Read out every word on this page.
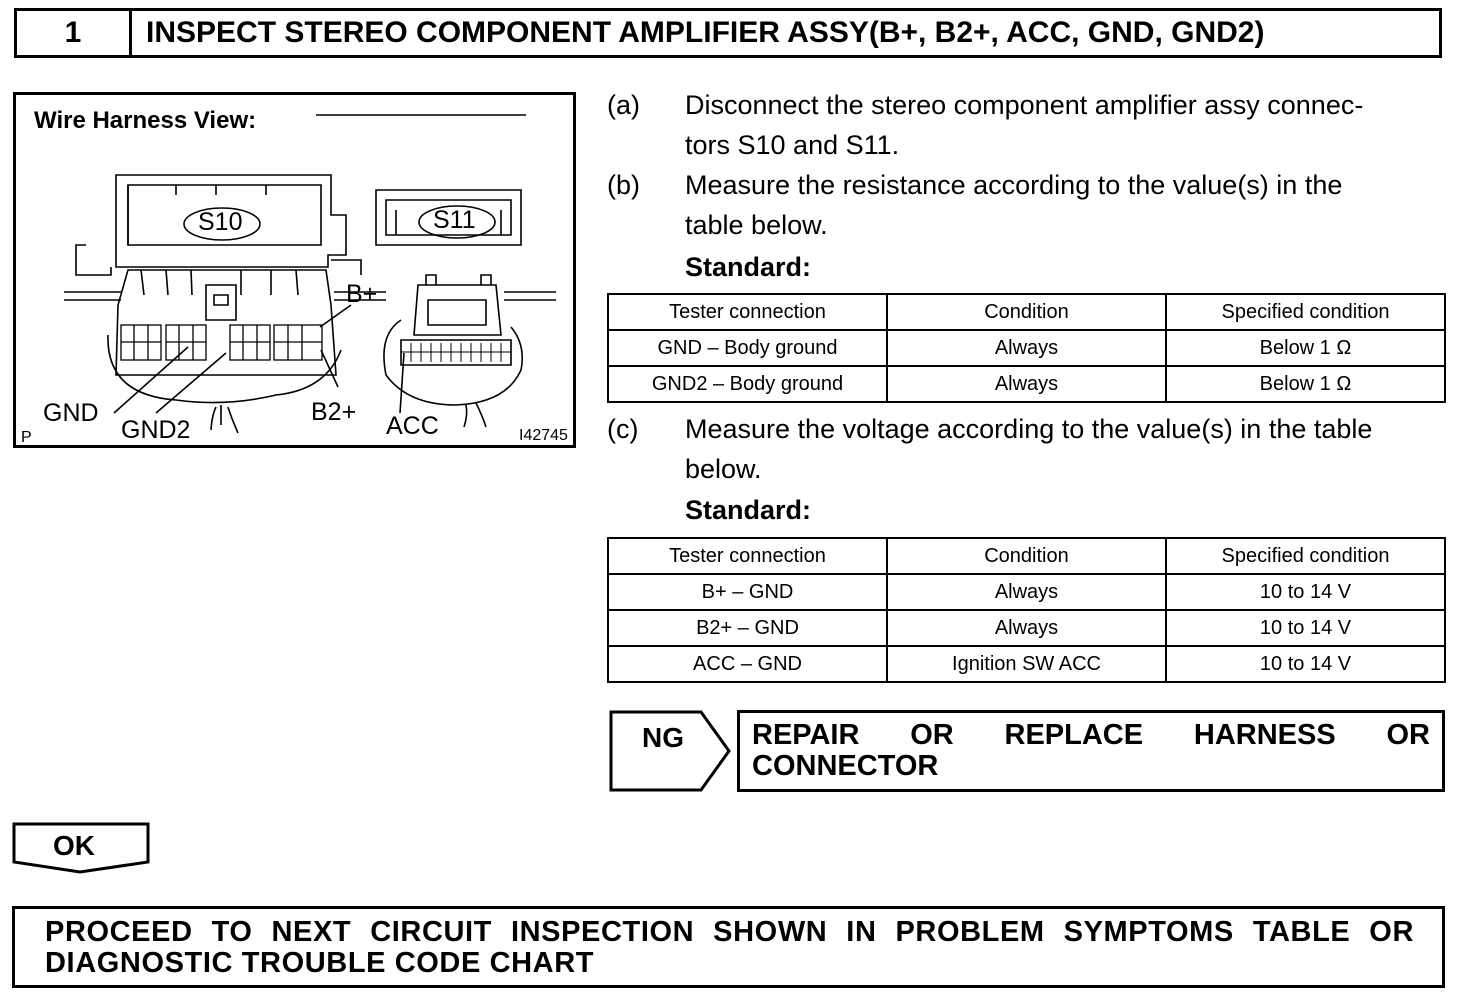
1	INSPECT STEREO COMPONENT AMPLIFIER ASSY(B+, B2+, ACC, GND, GND2)
Wire Harness View:
S10	S11
B+
GND
GND2
B2+ ACC
P	I42745
(a) Disconnect the stereo component amplifier assy connec-
tors S10 and S11.
(b) Measure the resistance according to the value(s) in the
table below.
Standard:
Tester connection	Condition	Specified condition
GND – Body ground	Always	Below 1 Ω
GND2 – Body ground	Always	Below 1 Ω
(c) Measure the voltage according to the value(s) in the table
below.
Standard:
Tester connection	Condition	Specified condition
B+ – GND	Always	10 to 14 V
B2+ – GND	Always	10 to 14 V
ACC – GND	Ignition SW ACC	10 to 14 V
NG	REPAIR OR REPLACE HARNESS OR CONNECTOR
OK
PROCEED TO NEXT CIRCUIT INSPECTION SHOWN IN PROBLEM SYMPTOMS TABLE OR DIAGNOSTIC TROUBLE CODE CHART
